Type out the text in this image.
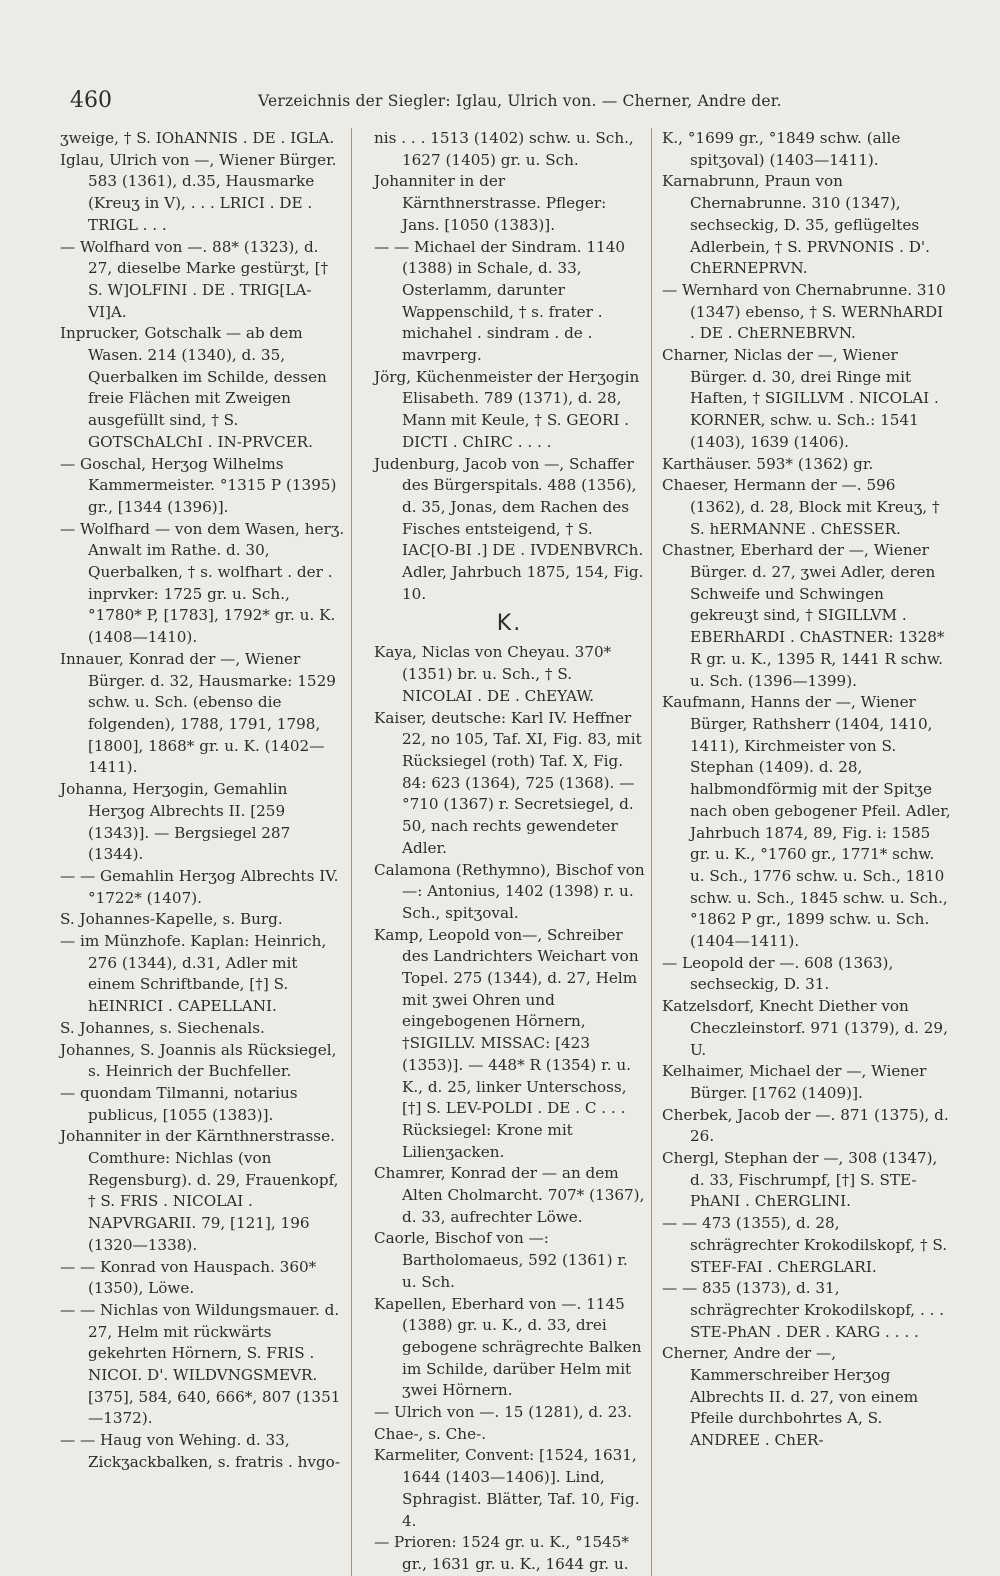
460	Verzeichnis der Siegler: Iglau, Ulrich von. — Cherner, Andre der.

ʒweige, † S. IOhANNIS . DE . IGLA.

Iglau, Ulrich von —, Wiener Bürger. 583 (1361), d.35, Hausmarke (Kreuʒ in V), . . . LRICI . DE . TRIGL . . .

— Wolfhard von —. 88* (1323), d. 27, dieselbe Marke gestürʒt, [† S. W]OLFINI . DE . TRIG[LA-VI]A.

Inprucker, Gotschalk — ab dem Wasen. 214 (1340), d. 35, Querbalken im Schilde, dessen freie Flächen mit Zweigen ausgefüllt sind, † S. GOTSChALChI . IN-PRVCER.

— Goschal, Herʒog Wilhelms Kammermeister. °1315 P (1395) gr., [1344 (1396)].

— Wolfhard — von dem Wasen, herʒ. Anwalt im Rathe. d. 30, Querbalken, † s. wolfhart . der . inprvker: 1725 gr. u. Sch., °1780* P, [1783], 1792* gr. u. K. (1408—1410).

Innauer, Konrad der —, Wiener Bürger. d. 32, Hausmarke: 1529 schw. u. Sch. (ebenso die folgenden), 1788, 1791, 1798, [1800], 1868* gr. u. K. (1402—1411).

Johanna, Herʒogin, Gemahlin Herʒog Albrechts II. [259 (1343)]. — Bergsiegel 287 (1344).

— — Gemahlin Herʒog Albrechts IV. °1722* (1407).

S. Johannes-Kapelle, s. Burg.

— im Münzhofe. Kaplan: Heinrich, 276 (1344), d.31, Adler mit einem Schriftbande, [†] S. hEINRICI . CAPELLANI.

S. Johannes, s. Siechenals.

Johannes, S. Joannis als Rücksiegel, s. Heinrich der Buchfeller.

— quondam Tilmanni, notarius publicus, [1055 (1383)].

Johanniter in der Kärnthnerstrasse. Comthure: Nichlas (von Regensburg). d. 29, Frauenkopf, † S. FRIS . NICOLAI . NAPVRGARII. 79, [121], 196 (1320—1338).

— — Konrad von Hauspach. 360* (1350), Löwe.

— — Nichlas von Wildungsmauer. d. 27, Helm mit rückwärts gekehrten Hörnern, S. FRIS . NICOI. D'. WILDVNGSMEVR. [375], 584, 640, 666*, 807 (1351—1372).

— — Haug von Wehing. d. 33, Zickʒackbalken, s. fratris . hvgo-

nis . . . 1513 (1402) schw. u. Sch., 1627 (1405) gr. u. Sch.

Johanniter in der Kärnthnerstrasse. Pfleger: Jans. [1050 (1383)].

— — Michael der Sindram. 1140 (1388) in Schale, d. 33, Osterlamm, darunter Wappenschild, † s. frater . michahel . sindram . de . mavrperg.

Jörg, Küchenmeister der Herʒogin Elisabeth. 789 (1371), d. 28, Mann mit Keule, † S. GEORI . DICTI . ChIRC . . . .

Judenburg, Jacob von —, Schaffer des Bürgerspitals. 488 (1356), d. 35, Jonas, dem Rachen des Fisches entsteigend, † S. IAC[O-BI .] DE . IVDENBVRCh. Adler, Jahrbuch 1875, 154, Fig. 10.

K.

Kaya, Niclas von Cheyau. 370* (1351) br. u. Sch., † S. NICOLAI . DE . ChEYAW.

Kaiser, deutsche: Karl IV. Heffner 22, no 105, Taf. XI, Fig. 83, mit Rücksiegel (roth) Taf. X, Fig. 84: 623 (1364), 725 (1368). — °710 (1367) r. Secretsiegel, d. 50, nach rechts gewendeter Adler.

Calamona (Rethymno), Bischof von —: Antonius, 1402 (1398) r. u. Sch., spitʒoval.

Kamp, Leopold von—, Schreiber des Landrichters Weichart von Topel. 275 (1344), d. 27, Helm mit ʒwei Ohren und eingebogenen Hörnern, †SIGILLV. MISSAC: [423 (1353)]. — 448* R (1354) r. u. K., d. 25, linker Unterschoss, [†] S. LEV-POLDI . DE . C . . . Rücksiegel: Krone mit Lilienʒacken.

Chamrer, Konrad der — an dem Alten Cholmarcht. 707* (1367), d. 33, aufrechter Löwe.

Caorle, Bischof von —: Bartholomaeus, 592 (1361) r. u. Sch.

Kapellen, Eberhard von —. 1145 (1388) gr. u. K., d. 33, drei gebogene schrägrechte Balken im Schilde, darüber Helm mit ʒwei Hörnern.

— Ulrich von —. 15 (1281), d. 23.

Chae-, s. Che-.

Karmeliter, Convent: [1524, 1631, 1644 (1403—1406)]. Lind, Sphragist. Blätter, Taf. 10, Fig. 4.

— Prioren: 1524 gr. u. K., °1545* gr., 1631 gr. u. K., 1644 gr. u.

K., °1699 gr., °1849 schw. (alle spitʒoval) (1403—1411).

Karnabrunn, Praun von Chernabrunne. 310 (1347), sechseckig, D. 35, geflügeltes Adlerbein, † S. PRVNONIS . D'. ChERNEPRVN.

— Wernhard von Chernabrunne. 310 (1347) ebenso, † S. WERNhARDI . DE . ChERNEBRVN.

Charner, Niclas der —, Wiener Bürger. d. 30, drei Ringe mit Haften, † SIGILLVM . NICOLAI . KORNER, schw. u. Sch.: 1541 (1403), 1639 (1406).

Karthäuser. 593* (1362) gr.

Chaeser, Hermann der —. 596 (1362), d. 28, Block mit Kreuʒ, † S. hERMANNE . ChESSER.

Chastner, Eberhard der —, Wiener Bürger. d. 27, ʒwei Adler, deren Schweife und Schwingen gekreuʒt sind, † SIGILLVM . EBERhARDI . ChASTNER: 1328* R gr. u. K., 1395 R, 1441 R schw. u. Sch. (1396—1399).

Kaufmann, Hanns der —, Wiener Bürger, Rathsherr (1404, 1410, 1411), Kirchmeister von S. Stephan (1409). d. 28, halbmondförmig mit der Spitʒe nach oben gebogener Pfeil. Adler, Jahrbuch 1874, 89, Fig. i: 1585 gr. u. K., °1760 gr., 1771* schw. u. Sch., 1776 schw. u. Sch., 1810 schw. u. Sch., 1845 schw. u. Sch., °1862 P gr., 1899 schw. u. Sch. (1404—1411).

— Leopold der —. 608 (1363), sechseckig, D. 31.

Katzelsdorf, Knecht Diether von Checzleinstorf. 971 (1379), d. 29, U.

Kelhaimer, Michael der —, Wiener Bürger. [1762 (1409)].

Cherbek, Jacob der —. 871 (1375), d. 26.

Chergl, Stephan der —, 308 (1347), d. 33, Fischrumpf, [†] S. STE-PhANI . ChERGLINI.

— — 473 (1355), d. 28, schrägrechter Krokodilskopf, † S. STEF-FAI . ChERGLARI.

— — 835 (1373), d. 31, schrägrechter Krokodilskopf, . . . STE-PhAN . DER . KARG . . . .

Cherner, Andre der —, Kammerschreiber Herʒog Albrechts II. d. 27, von einem Pfeile durchbohrtes A, S. ANDREE . ChER-
